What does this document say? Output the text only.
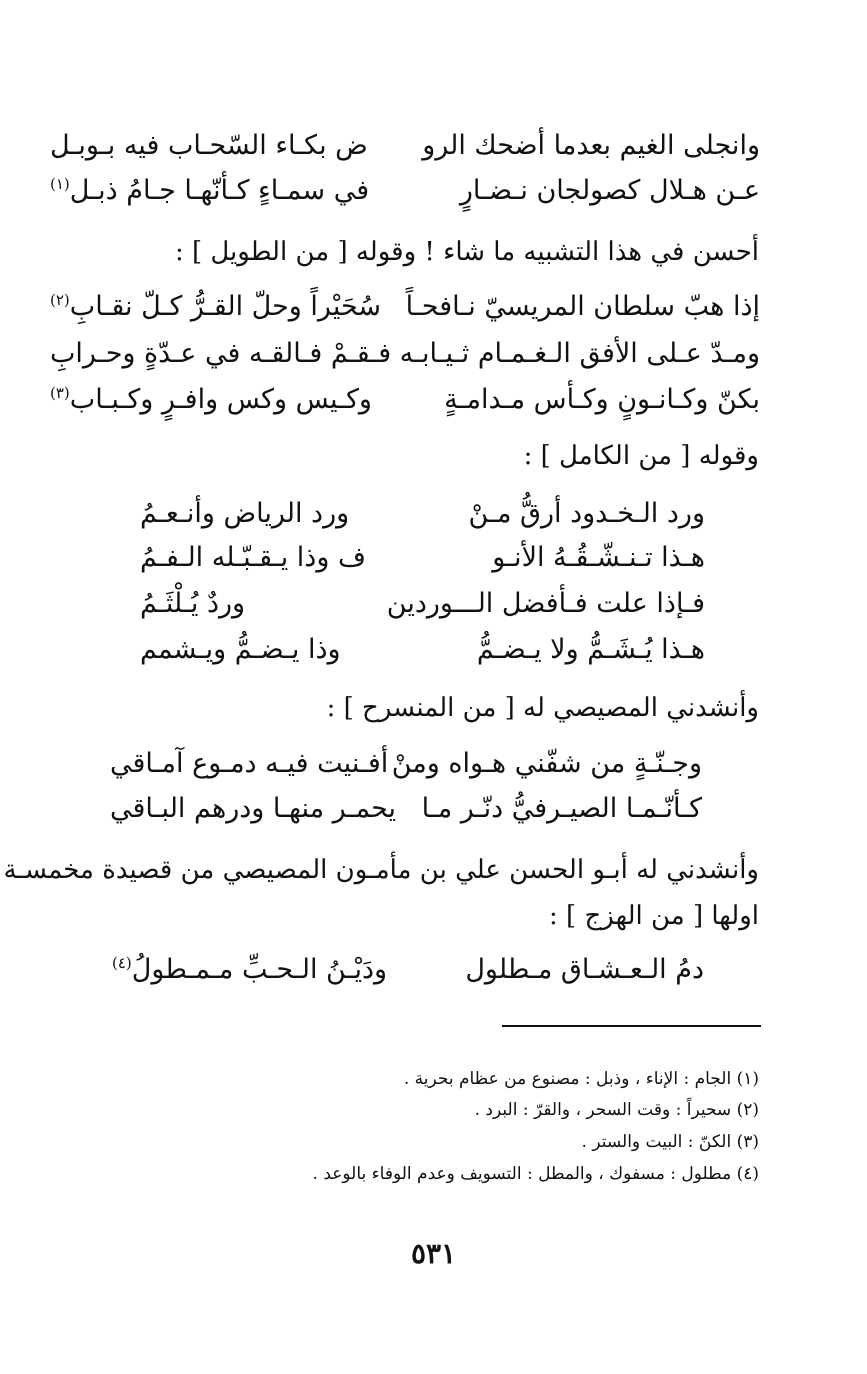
وانجلى الغيم بعدما أضحك الرو
ض بكـاء السّحـاب فيه بـوبـل
عـن هـلال كصولجان نـضـارٍ
في سمـاءٍ كـأنّهـا جـامُ ذبـل$^{(١)}$
أحسن في هذا التشبيه ما شاء ! وقوله [ من الطويل ] :
إذا هبّ سلطان المريسيّ نـافحـاً
سُحَيْراً وحلّ القـرُّ كـلّ نقـابِ$^{(٢)}$
ومـدّ عـلى الأفق الـغـمـام ثـيـابـه
فـقـمْ فـالقـه في عـدّةٍ وحـرابِ
بكنّ وكـانـونٍ وكـأس مـدامـةٍ
وكـيس وكس وافـرٍ وكـبـاب$^{(٣)}$
وقوله [ من الكامل ] :
ورد الـخـدود أرقُّ مـنْ
ورد الرياض وأنـعـمُ
هـذا تـنـشّـقُـهُ الأنـو
ف وذا يـقـبّـله الـفـمُ
فـإذا علت فـأفضل الـــوردين
وردٌ يُـلْثَـمُ
هـذا يُـشَـمُّ ولا يـضـمُّ
وذا يـضـمُّ ويـشمم
وأنشدني المصيصي له [ من المنسرح ] :
وجـنّـةٍ من شفّني هـواه ومنْ
أفـنيت فيـه دمـوع آمـاقي
كـأنّـمـا الصيـرفيُّ دنّـر مـا
يحمـر منهـا ودرهم البـاقي
وأنشدني له أبـو الحسن علي بن مأمـون المصيصي من قصيدة مخمسـة
اولها [ من الهزج ] :
دمُ الـعـشـاق مـطلول
ودَيْـنُ الـحـبِّ مـمـطولُ$^{(٤)}$
(١) الجام : الإناء ، وذبل : مصنوع من عظام بحرية .
(٢) سحيراً : وقت السحر ، والقرّ : البرد .
(٣) الكنّ : البيت والستر .
(٤) مطلول : مسفوك ، والمطل : التسويف وعدم الوفاء بالوعد .
٥٣١
